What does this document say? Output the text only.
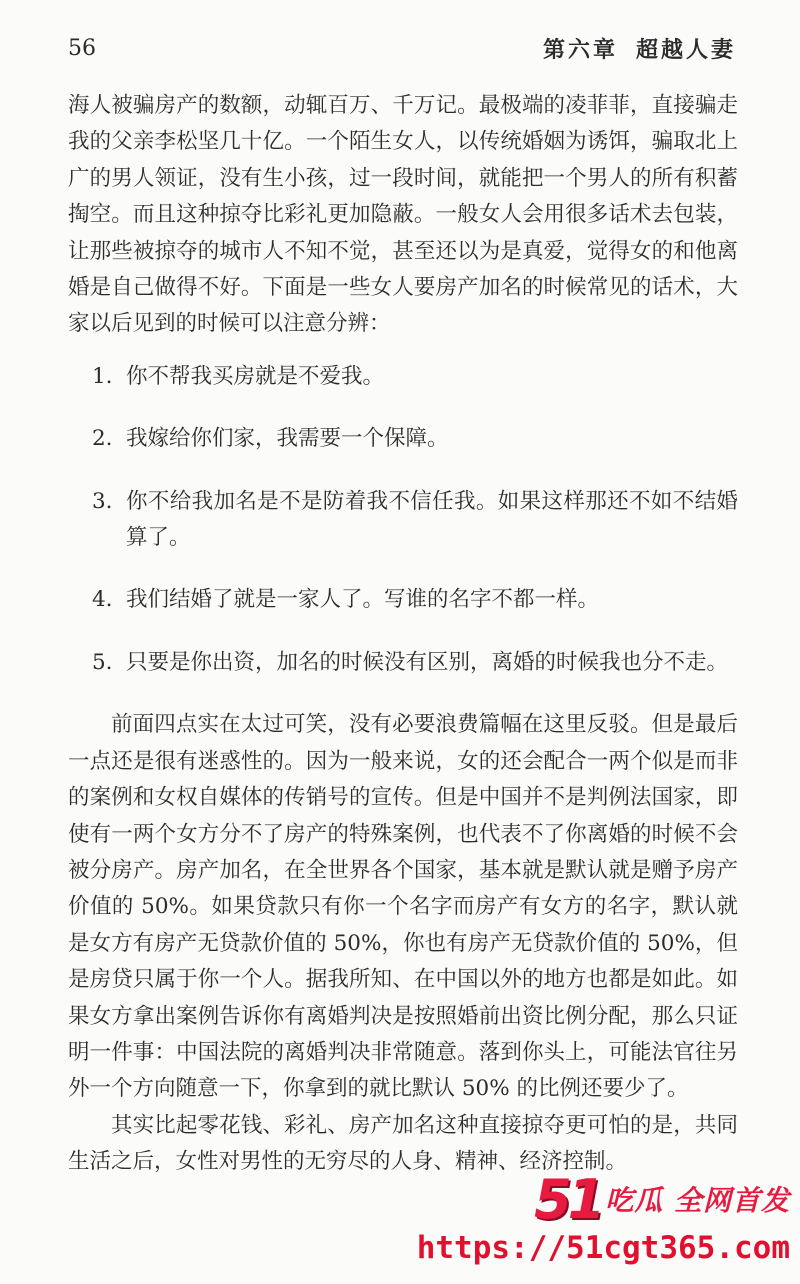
56	第六章 超越人妻

海人被骗房产的数额，动辄百万、千万记。最极端的凌菲菲，直接骗走我的父亲李松坚几十亿。一个陌生女人，以传统婚姻为诱饵，骗取北上广的男人领证，没有生小孩，过一段时间，就能把一个男人的所有积蓄掏空。而且这种掠夺比彩礼更加隐蔽。一般女人会用很多话术去包装，让那些被掠夺的城市人不知不觉，甚至还以为是真爱，觉得女的和他离婚是自己做得不好。下面是一些女人要房产加名的时候常见的话术，大家以后见到的时候可以注意分辨：

1. 你不帮我买房就是不爱我。
2. 我嫁给你们家，我需要一个保障。
3. 你不给我加名是不是防着我不信任我。如果这样那还不如不结婚算了。
4. 我们结婚了就是一家人了。写谁的名字不都一样。
5. 只要是你出资，加名的时候没有区别，离婚的时候我也分不走。

前面四点实在太过可笑，没有必要浪费篇幅在这里反驳。但是最后一点还是很有迷惑性的。因为一般来说，女的还会配合一两个似是而非的案例和女权自媒体的传销号的宣传。但是中国并不是判例法国家，即使有一两个女方分不了房产的特殊案例，也代表不了你离婚的时候不会被分房产。房产加名，在全世界各个国家，基本就是默认就是赠予房产价值的 50%。如果贷款只有你一个名字而房产有女方的名字，默认就是女方有房产无贷款价值的 50%，你也有房产无贷款价值的 50%，但是房贷只属于你一个人。据我所知、在中国以外的地方也都是如此。如果女方拿出案例告诉你有离婚判决是按照婚前出资比例分配，那么只证明一件事：中国法院的离婚判决非常随意。落到你头上，可能法官往另外一个方向随意一下，你拿到的就比默认 50% 的比例还要少了。

其实比起零花钱、彩礼、房产加名这种直接掠夺更可怕的是，共同生活之后，女性对男性的无穷尽的人身、精神、经济控制。

51 吃瓜 全网首发
https://51cgt365.com
